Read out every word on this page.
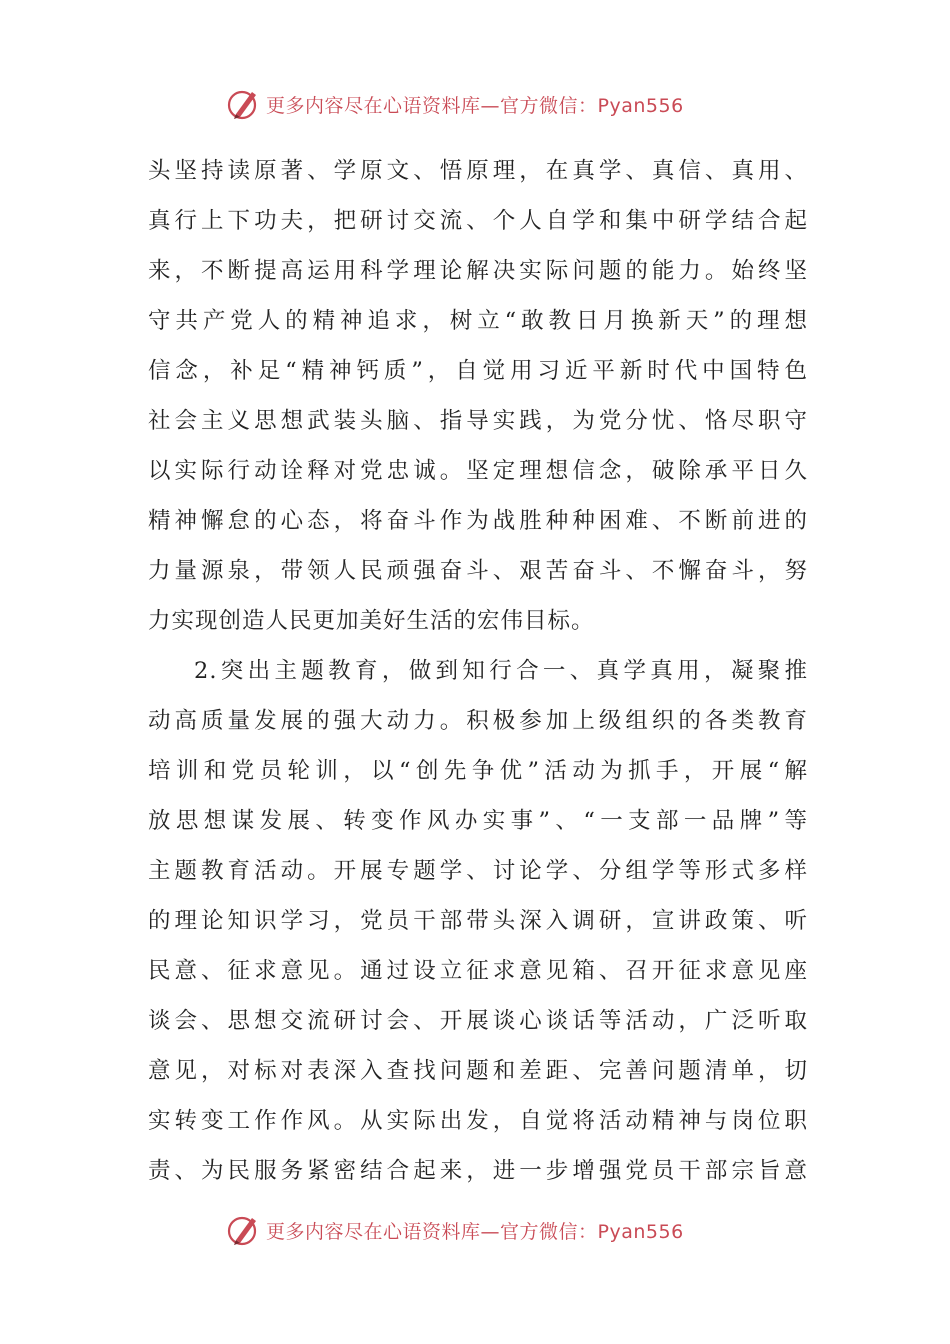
更多内容尽在心语资料库—官方微信：Pyan556
头坚持读原著、学原文、悟原理，在真学、真信、真用、
真行上下功夫，把研讨交流、个人自学和集中研学结合起
来，不断提高运用科学理论解决实际问题的能力。始终坚
守共产党人的精神追求，树立“敢教日月换新天”的理想
信念，补足“精神钙质”，自觉用习近平新时代中国特色
社会主义思想武装头脑、指导实践，为党分忧、恪尽职守
以实际行动诠释对党忠诚。坚定理想信念，破除承平日久
精神懈怠的心态，将奋斗作为战胜种种困难、不断前进的
力量源泉，带领人民顽强奋斗、艰苦奋斗、不懈奋斗，努
力实现创造人民更加美好生活的宏伟目标。
2.突出主题教育，做到知行合一、真学真用，凝聚推
动高质量发展的强大动力。积极参加上级组织的各类教育
培训和党员轮训，以“创先争优”活动为抓手，开展“解
放思想谋发展、转变作风办实事”、“一支部一品牌”等
主题教育活动。开展专题学、讨论学、分组学等形式多样
的理论知识学习，党员干部带头深入调研，宣讲政策、听
民意、征求意见。通过设立征求意见箱、召开征求意见座
谈会、思想交流研讨会、开展谈心谈话等活动，广泛听取
意见，对标对表深入查找问题和差距、完善问题清单，切
实转变工作作风。从实际出发，自觉将活动精神与岗位职
责、为民服务紧密结合起来，进一步增强党员干部宗旨意
更多内容尽在心语资料库—官方微信：Pyan556
